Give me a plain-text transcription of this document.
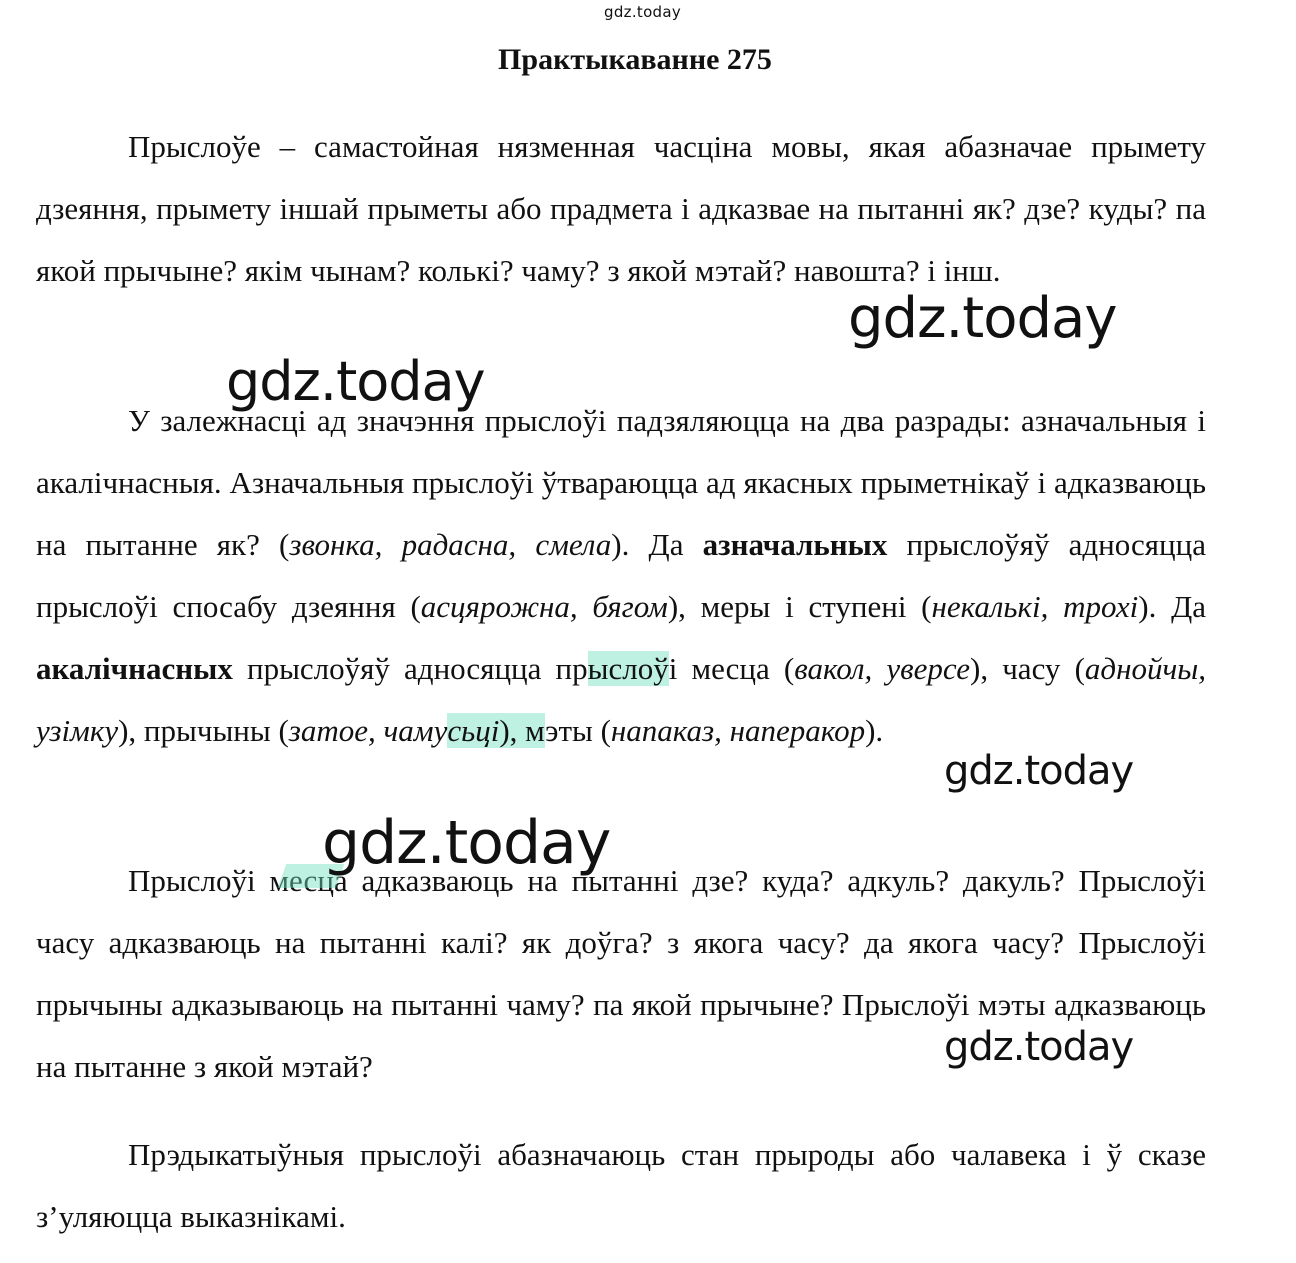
gdz.today
Практыкаванне 275
Прыслоўе – самастойная нязменная часціна мовы, якая абазначае прымету дзеяння, прымету іншай прыметы або прадмета і адказвае на пытанні як? дзе? куды? па якой прычыне? якім чынам? колькі? чаму? з якой мэтай? навошта? і інш.
У залежнасці ад значэння прыслоўі падзяляюцца на два разрады: азначальныя і акалічнасныя. Азначальныя прыслоўі ўтвараюцца ад якасных прыметнікаў і адказваюць на пытанне як? (звонка, радасна, смела). Да азначальных прыслоўяў адносяцца прыслоўі спосабу дзеяння (асцярожна, бягом), меры і ступені (некалькі, трохі). Да акалічнасных прыслоўяў адносяцца прыслоўі месца (вакол, уверсе), часу (аднойчы, узімку), прычыны (затое, чамусьці), мэты (напаказ, наперакор).
Прыслоўі месца адказваюць на пытанні дзе? куда? адкуль? дакуль? Прыслоўі часу адказваюць на пытанні калі? як доўга? з якога часу? да якога часу? Прыслоўі прычыны адказываюць на пытанні чаму? па якой прычыне? Прыслоўі мэты адказваюць на пытанне з якой мэтай?
Прэдыкатыўныя прыслоўі абазначаюць стан прыроды або чалавека і ў сказе з’уляюцца выказнікамі.
gdz.today
gdz.today
gdz.today
gdz.today
gdz.today
